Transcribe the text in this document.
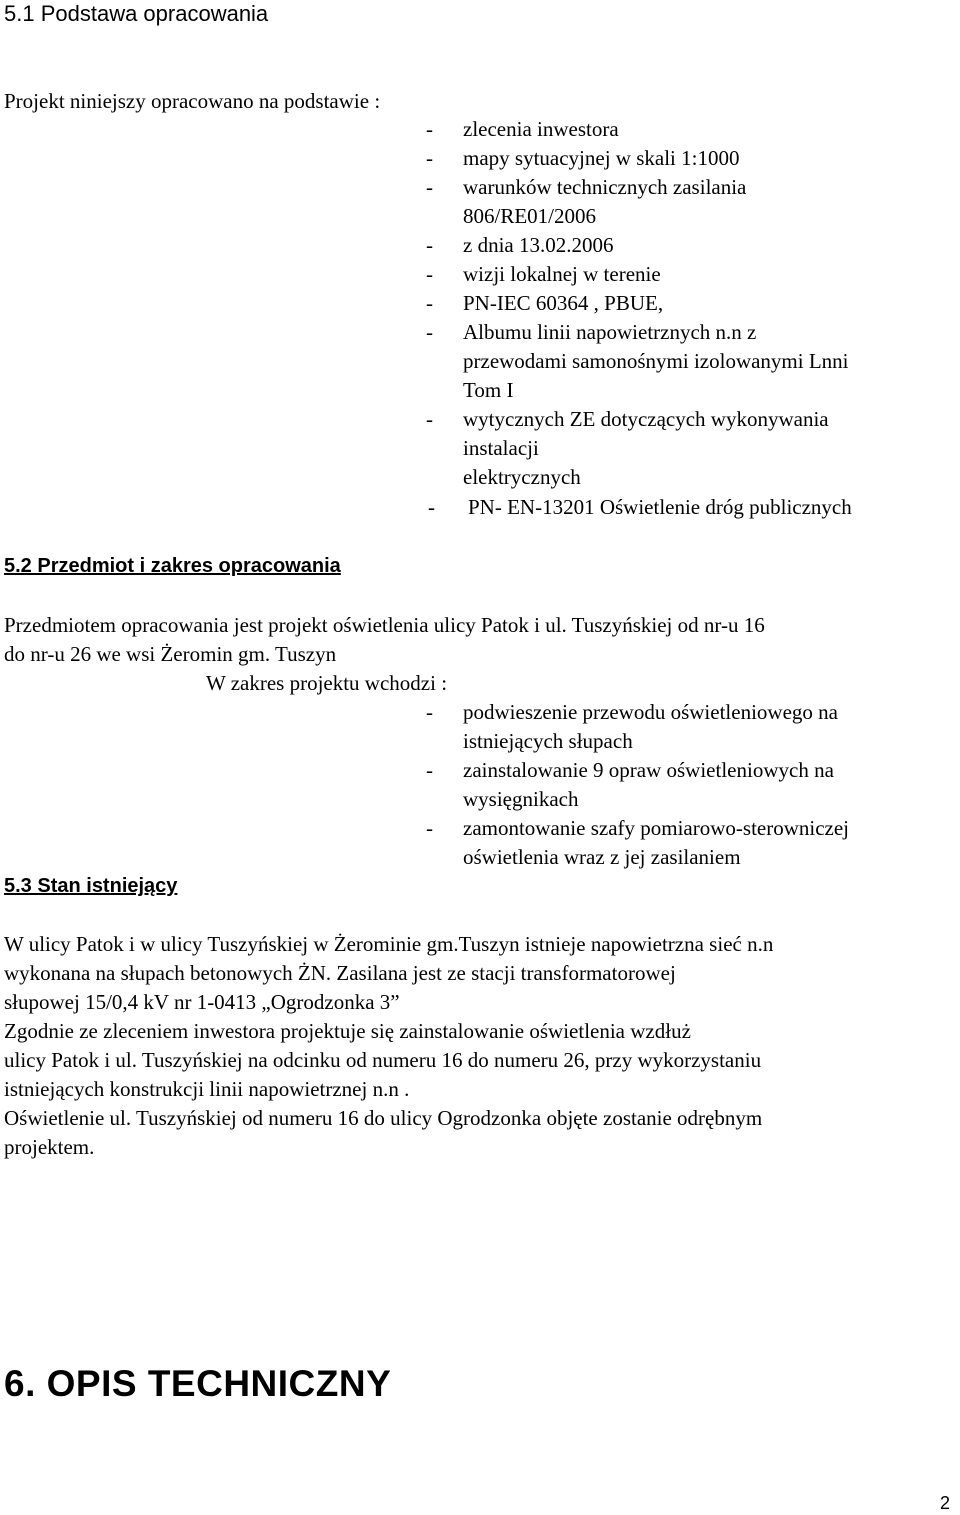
5.1 Podstawa opracowania
Projekt niniejszy opracowano na podstawie :
- zlecenia inwestora
- mapy sytuacyjnej w skali 1:1000
- warunków technicznych zasilania
806/RE01/2006
- z dnia 13.02.2006
- wizji lokalnej w terenie
- PN-IEC 60364 , PBUE,
- Albumu linii napowietrznych n.n z
przewodami samonośnymi izolowanymi Lnni
Tom I
- wytycznych ZE dotyczących wykonywania
instalacji
elektrycznych
- PN- EN-13201 Oświetlenie dróg publicznych
5.2 Przedmiot i zakres opracowania
Przedmiotem opracowania jest projekt oświetlenia ulicy Patok i ul. Tuszyńskiej od nr-u 16
do nr-u 26 we wsi Żeromin gm. Tuszyn
W zakres projektu wchodzi :
- podwieszenie przewodu oświetleniowego na
istniejących słupach
- zainstalowanie 9 opraw oświetleniowych na
wysięgnikach
- zamontowanie szafy pomiarowo-sterowniczej
oświetlenia wraz z jej zasilaniem
5.3 Stan istniejący
W ulicy Patok i w ulicy Tuszyńskiej w Żerominie gm.Tuszyn istnieje napowietrzna sieć n.n
wykonana na słupach betonowych ŻN. Zasilana jest ze stacji transformatorowej
słupowej 15/0,4 kV nr 1-0413 „Ogrodzonka 3”
Zgodnie ze zleceniem inwestora projektuje się zainstalowanie oświetlenia wzdłuż
ulicy Patok i ul. Tuszyńskiej na odcinku od numeru 16 do numeru 26, przy wykorzystaniu
istniejących konstrukcji linii napowietrznej n.n .
Oświetlenie ul. Tuszyńskiej od numeru 16 do ulicy Ogrodzonka objęte zostanie odrębnym
projektem.
6. OPIS TECHNICZNY
2
